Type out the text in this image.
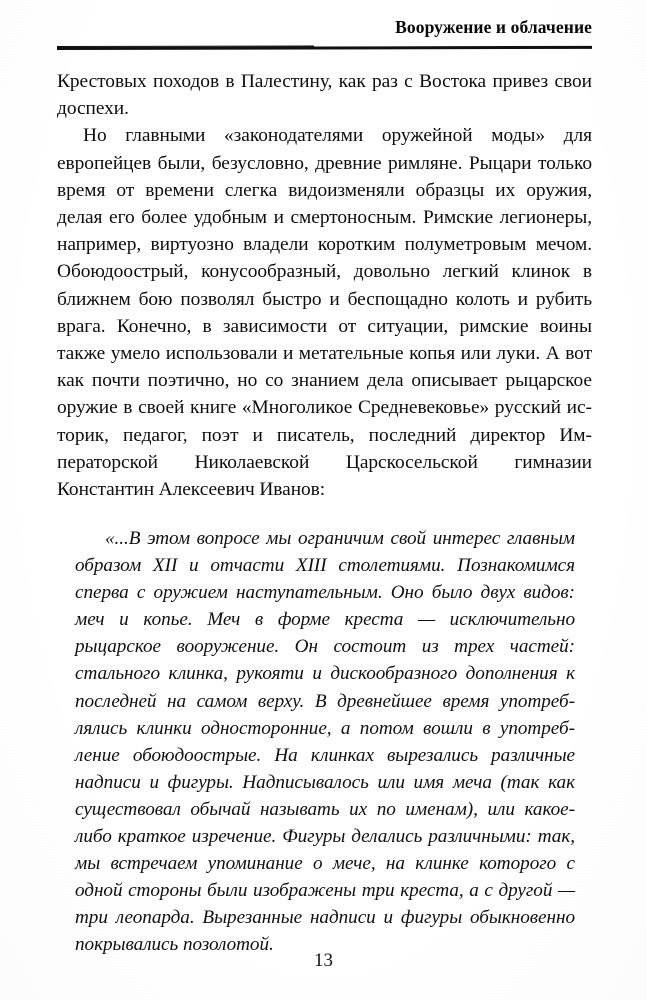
Вооружение и облачение

Крестовых походов в Палестину, как раз с Востока привез свои доспехи.

Но главными «законодателями оружейной моды» для европейцев были, безусловно, древние римляне. Рыцари только время от времени слегка видоизменяли образцы их оружия, делая его более удобным и смертоносным. Римские легионеры, например, виртуозно владели коротким полуметровым мечом. Обоюдоострый, конусообразный, довольно легкий клинок в ближнем бою позволял быстро и беспощадно колоть и рубить врага. Конечно, в зависимости от ситуации, римские воины также умело использовали и метательные копья или луки. А вот как почти поэтично, но со знанием дела описывает рыцарское оружие в своей книге «Многоликое Средневековье» русский историк, педагог, поэт и писатель, последний директор Императорской Николаевской Царскосельской гимназии Константин Алексеевич Иванов:

«...В этом вопросе мы ограничим свой интерес главным образом XII и отчасти XIII столетиями. Познакомимся сперва с оружием наступательным. Оно было двух видов: меч и копье. Меч в форме креста — исключительно рыцарское вооружение. Он состоит из трех частей: стального клинка, рукояти и дискообразного дополнения к последней на самом верху. В древнейшее время употреблялись клинки односторонние, а потом вошли в употребление обоюдоострые. На клинках вырезались различные надписи и фигуры. Надписывалось или имя меча (так как существовал обычай называть их по именам), или какое-либо краткое изречение. Фигуры делались различными: так, мы встречаем упоминание о мече, на клинке которого с одной стороны были изображены три креста, а с другой — три леопарда. Вырезанные надписи и фигуры обыкновенно покрывались позолотой.

13
